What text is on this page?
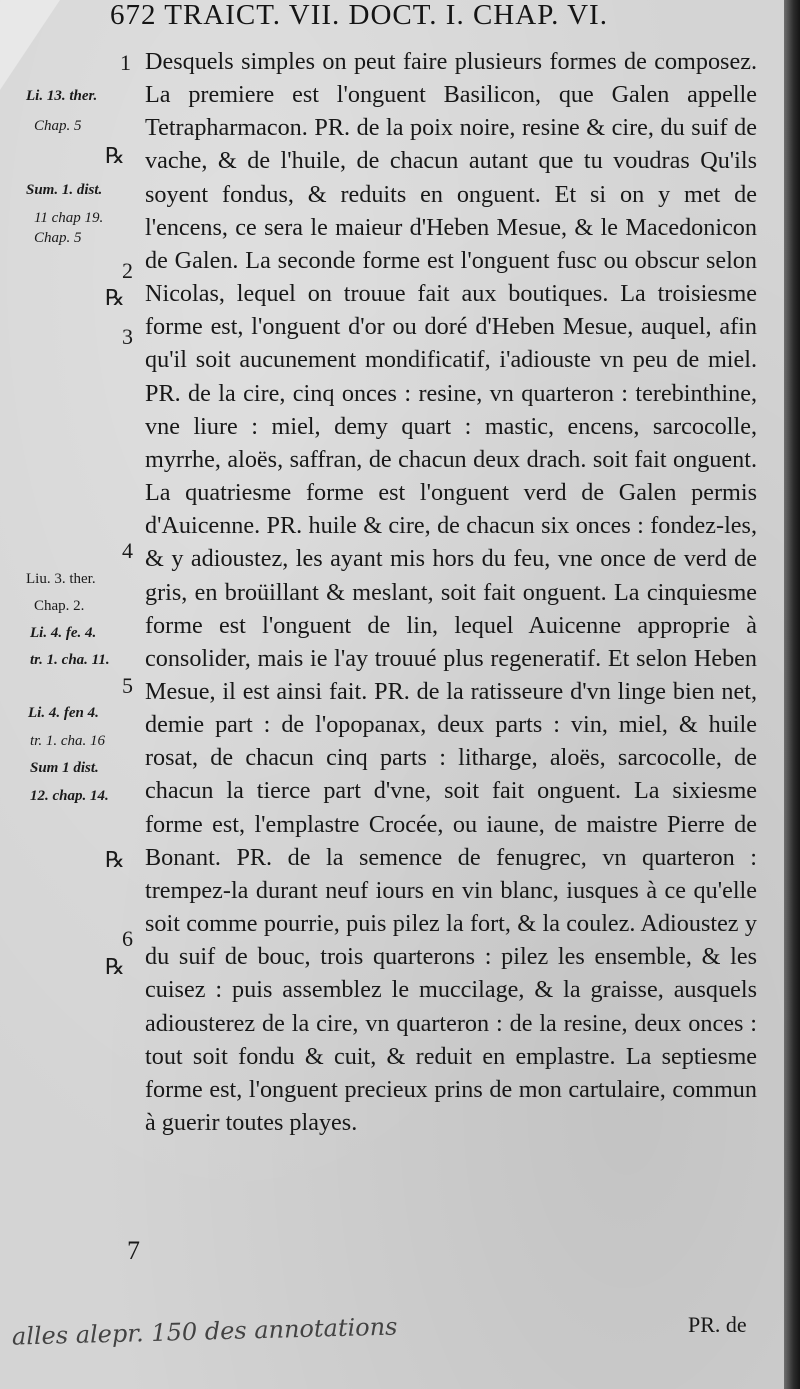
672 TRAICT. VII. DOCT. I. CHAP. VI.
1
Li. 13. ther.
Chap. 5
℞
Sum. 1. dist.
11 chap 19.
Chap. 5
2
℞
3
4
Liu. 3. ther.
Chap. 2.
Li. 4. fe. 4.
tr. 1. cha. 11.
5
Li. 4. fen 4.
tr. 1. cha. 16
Sum 1 dist.
12. chap. 14.
℞
6
℞
7

Desquels simples on peut faire plusieurs formes de composez. La premiere est l'onguent Basilicon, que Galen appelle Tetrapharmacon. PR. de la poix noire, resine & cire, du suif de vache, & de l'huile, de chacun autant que tu voudras Qu'ils soyent fondus, & reduits en onguent. Et si on y met de l'encens, ce sera le maieur d'Heben Mesue, & le Macedonicon de Galen. La seconde forme est l'onguent fusc ou obscur selon Nicolas, lequel on trouue fait aux boutiques. La troisiesme forme est, l'onguent d'or ou doré d'Heben Mesue, auquel, afin qu'il soit aucunement mondificatif, i'adiouste vn peu de miel. PR. de la cire, cinq onces : resine, vn quarteron : terebinthine, vne liure : miel, demy quart : mastic, encens, sarcocolle, myrrhe, aloës, saffran, de chacun deux drach. soit fait onguent. La quatriesme forme est l'onguent verd de Galen permis d'Auicenne. PR. huile & cire, de chacun six onces : fondez-les, & y adioustez, les ayant mis hors du feu, vne once de verd de gris, en broüillant & meslant, soit fait onguent. La cinquiesme forme est l'onguent de lin, lequel Auicenne approprie à consolider, mais ie l'ay trouué plus regeneratif. Et selon Heben Mesue, il est ainsi fait. PR. de la ratisseure d'vn linge bien net, demie part : de l'opopanax, deux parts : vin, miel, & huile rosat, de chacun cinq parts : litharge, aloës, sarcocolle, de chacun la tierce part d'vne, soit fait onguent. La sixiesme forme est, l'emplastre Crocée, ou iaune, de maistre Pierre de Bonant. PR. de la semence de fenugrec, vn quarteron : trempez-la durant neuf iours en vin blanc, iusques à ce qu'elle soit comme pourrie, puis pilez la fort, & la coulez. Adioustez y du suif de bouc, trois quarterons : pilez les ensemble, & les cuisez : puis assemblez le muccilage, & la graisse, ausquels adiousterez de la cire, vn quarteron : de la resine, deux onces : tout soit fondu & cuit, & reduit en emplastre. La septiesme forme est, l'onguent precieux prins de mon cartulaire, commun à guerir toutes playes.

alles alepr. 150 des annotations	PR. de
